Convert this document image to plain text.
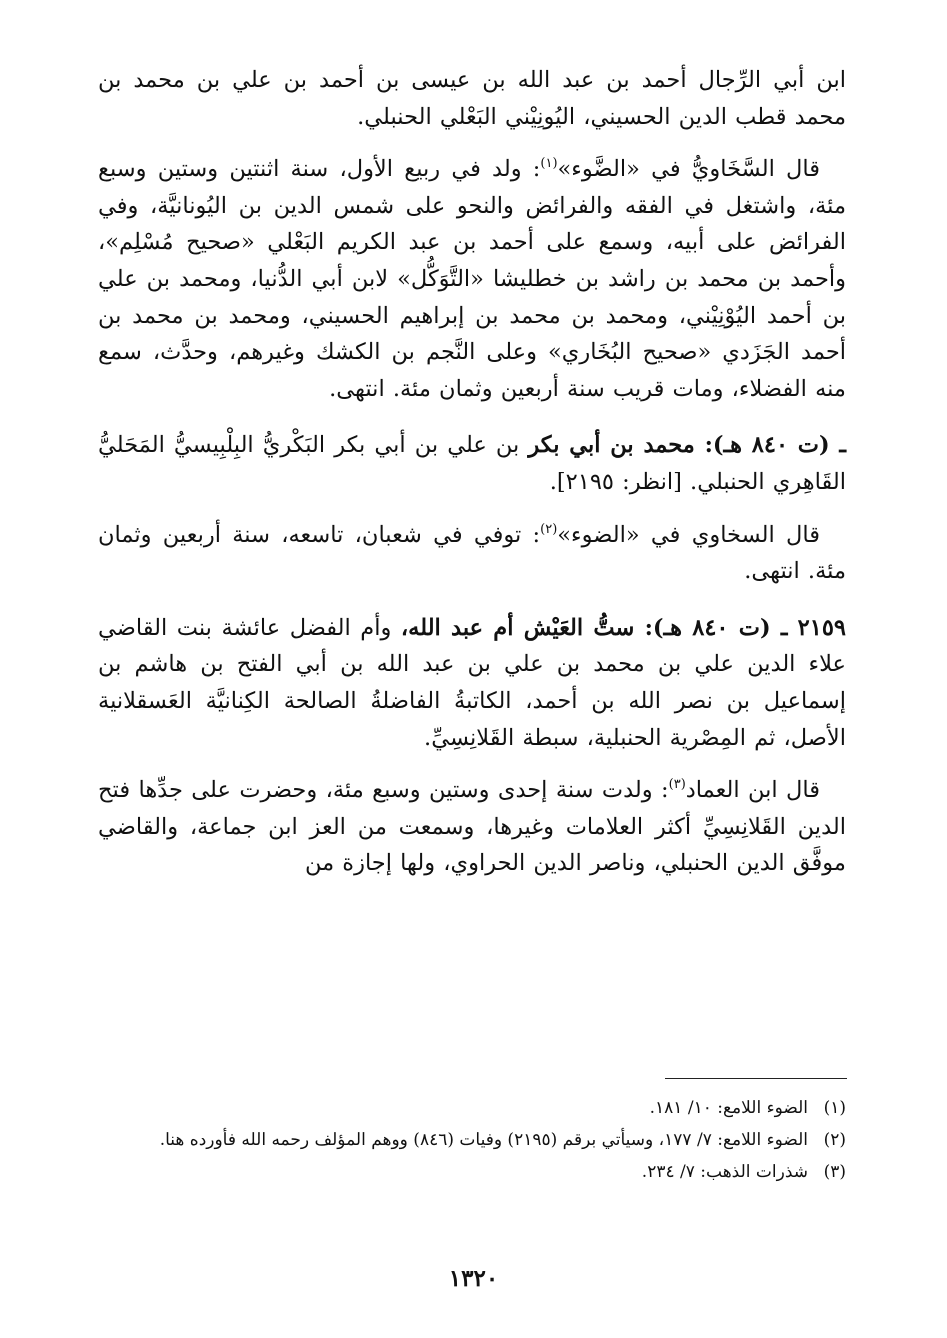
ابن أبي الرِّجال أحمد بن عبد الله بن عيسى بن أحمد بن علي بن محمد بن محمد قطب الدين الحسيني، اليُونِيْني البَعْلي الحنبلي.

قال السَّخَاويُّ في «الضَّوء»$^{(١)}$: ولد في ربيع الأول، سنة اثنتين وستين وسبع مئة، واشتغل في الفقه والفرائض والنحو على شمس الدين بن اليُونانيَّة، وفي الفرائض على أبيه، وسمع على أحمد بن عبد الكريم البَعْلي «صحيح مُسْلِم»، وأحمد بن محمد بن راشد بن خطليشا «التَّوَكُّل» لابن أبي الدُّنيا، ومحمد بن علي بن أحمد اليُوْنِيْني، ومحمد بن محمد بن إبراهيم الحسيني، ومحمد بن محمد بن أحمد الجَزَدي «صحيح البُخَاري» وعلى النَّجم بن الكشك وغيرهم، وحدَّث، سمع منه الفضلاء، ومات قريب سنة أربعين وثمان مئة. انتهى.

ـ (ت ٨٤٠ هـ): محمد بن أبي بكر بن علي بن أبي بكر البَكْريُّ البِلْبِيسيُّ المَحَليُّ القَاهِري الحنبلي. [انظر: ٢١٩٥].

قال السخاوي في «الضوء»$^{(٢)}$: توفي في شعبان، تاسعه، سنة أربعين وثمان مئة. انتهى.

٢١٥٩ ـ (ت ٨٤٠ هـ): ستُّ العَيْش أم عبد الله، وأم الفضل عائشة بنت القاضي علاء الدين علي بن محمد بن علي بن عبد الله بن أبي الفتح بن هاشم بن إسماعيل بن نصر الله بن أحمد، الكاتبةُ الفاضلةُ الصالحة الكِنانيَّة العَسقلانية الأصل، ثم المِصْرية الحنبلية، سبطة القَلانِسِيِّ.

قال ابن العماد$^{(٣)}$: ولدت سنة إحدى وستين وسبع مئة، وحضرت على جدِّها فتح الدين القَلانِسِيِّ أكثر العلامات وغيرها، وسمعت من العز ابن جماعة، والقاضي موفَّق الدين الحنبلي، وناصر الدين الحراوي، ولها إجازة من

(١)الضوء اللامع: ١٠/ ١٨١.
(٢)الضوء اللامع: ٧/ ١٧٧، وسيأتي برقم (٢١٩٥) وفيات (٨٤٦) ووهم المؤلف رحمه الله فأورده هنا.
(٣)شذرات الذهب: ٧/ ٢٣٤.
١٣٢٠
